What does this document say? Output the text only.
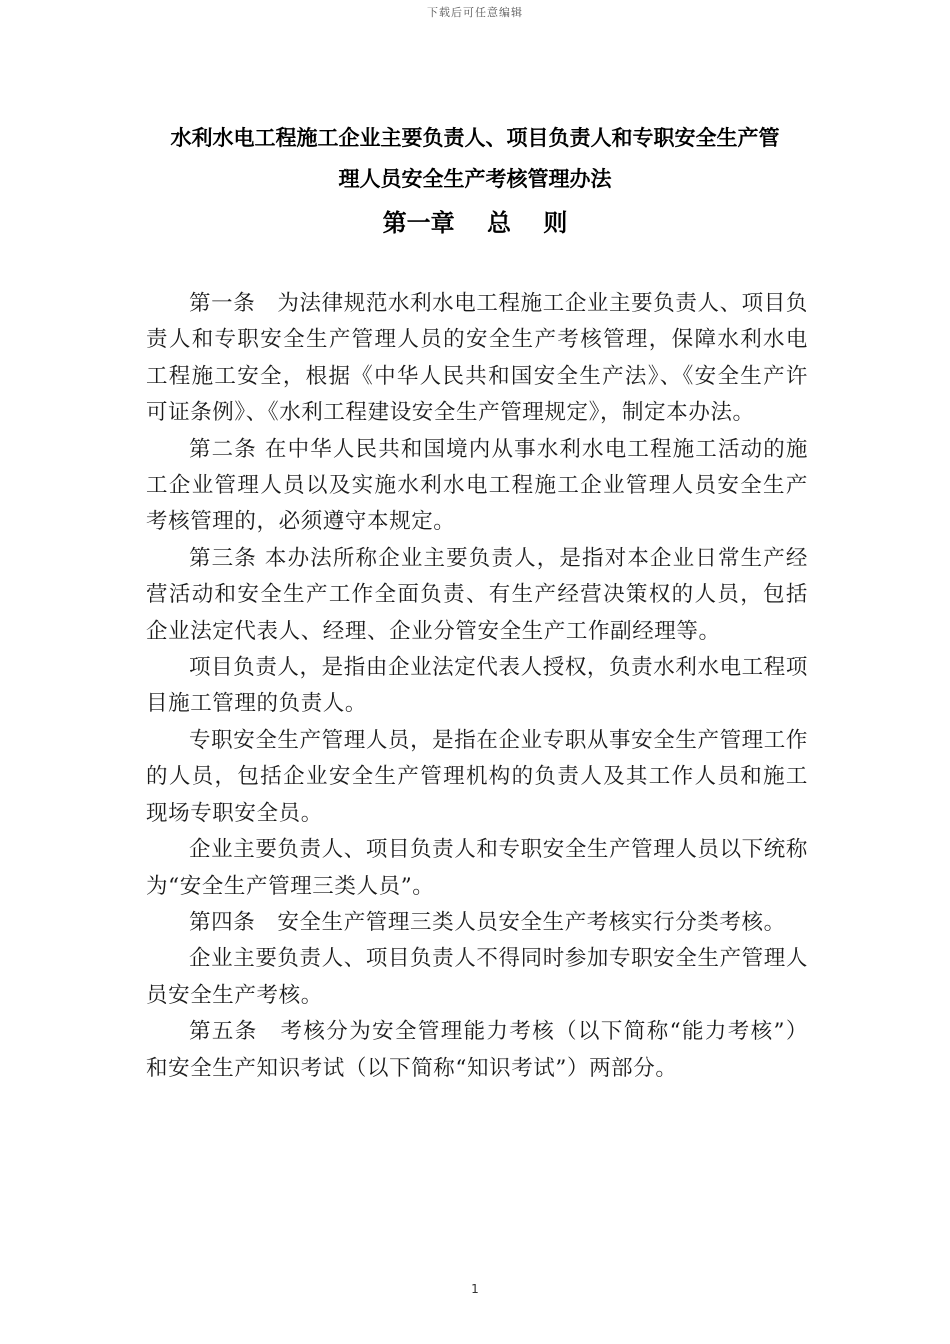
下载后可任意编辑
水利水电工程施工企业主要负责人、项目负责人和专职安全生产管
理人员安全生产考核管理办法
第一章　 总　 则

第一条　为法律规范水利水电工程施工企业主要负责人、项目负责人和专职安全生产管理人员的安全生产考核管理，保障水利水电工程施工安全，根据《中华人民共和国安全生产法》、《安全生产许可证条例》、《水利工程建设安全生产管理规定》，制定本办法。

第二条 在中华人民共和国境内从事水利水电工程施工活动的施工企业管理人员以及实施水利水电工程施工企业管理人员安全生产考核管理的，必须遵守本规定。

第三条 本办法所称企业主要负责人，是指对本企业日常生产经营活动和安全生产工作全面负责、有生产经营决策权的人员，包括企业法定代表人、经理、企业分管安全生产工作副经理等。

项目负责人，是指由企业法定代表人授权，负责水利水电工程项目施工管理的负责人。

专职安全生产管理人员，是指在企业专职从事安全生产管理工作的人员，包括企业安全生产管理机构的负责人及其工作人员和施工现场专职安全员。

企业主要负责人、项目负责人和专职安全生产管理人员以下统称为“安全生产管理三类人员”。

第四条　安全生产管理三类人员安全生产考核实行分类考核。

企业主要负责人、项目负责人不得同时参加专职安全生产管理人员安全生产考核。

第五条　考核分为安全管理能力考核（以下简称“能力考核”）和安全生产知识考试（以下简称“知识考试”）两部分。

1
